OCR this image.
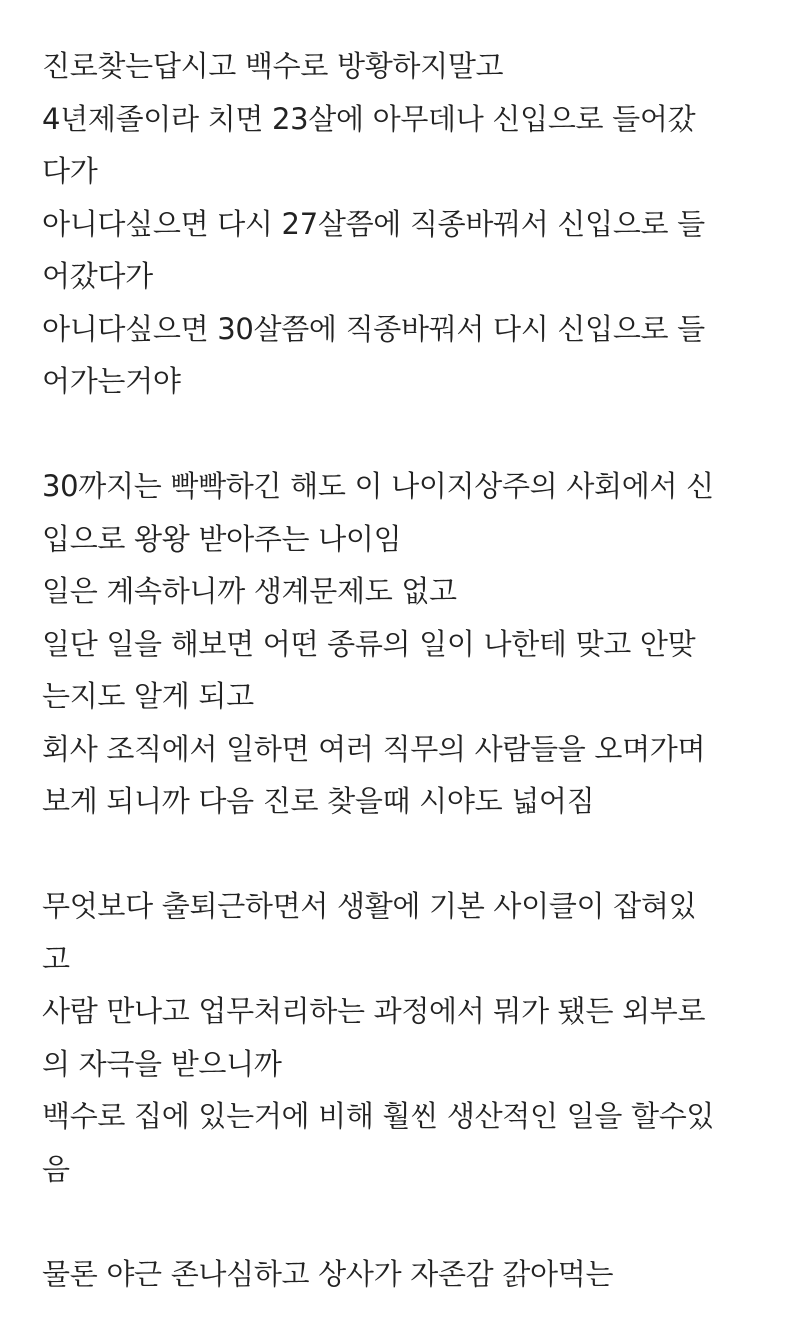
진로찾는답시고 백수로 방황하지말고
4년제졸이라 치면 23살에 아무데나 신입으로 들어갔
다가
아니다싶으면 다시 27살쯤에 직종바꿔서 신입으로 들
어갔다가
아니다싶으면 30살쯤에 직종바꿔서 다시 신입으로 들
어가는거야
30까지는 빡빡하긴 해도 이 나이지상주의 사회에서 신
입으로 왕왕 받아주는 나이임
일은 계속하니까 생계문제도 없고
일단 일을 해보면 어떤 종류의 일이 나한테 맞고 안맞
는지도 알게 되고
회사 조직에서 일하면 여러 직무의 사람들을 오며가며
보게 되니까 다음 진로 찾을때 시야도 넓어짐
무엇보다 출퇴근하면서 생활에 기본 사이클이 잡혀있
고
사람 만나고 업무처리하는 과정에서 뭐가 됐든 외부로
의 자극을 받으니까
백수로 집에 있는거에 비해 훨씬 생산적인 일을 할수있
음
물론 야근 존나심하고 상사가 자존감 갉아먹는
